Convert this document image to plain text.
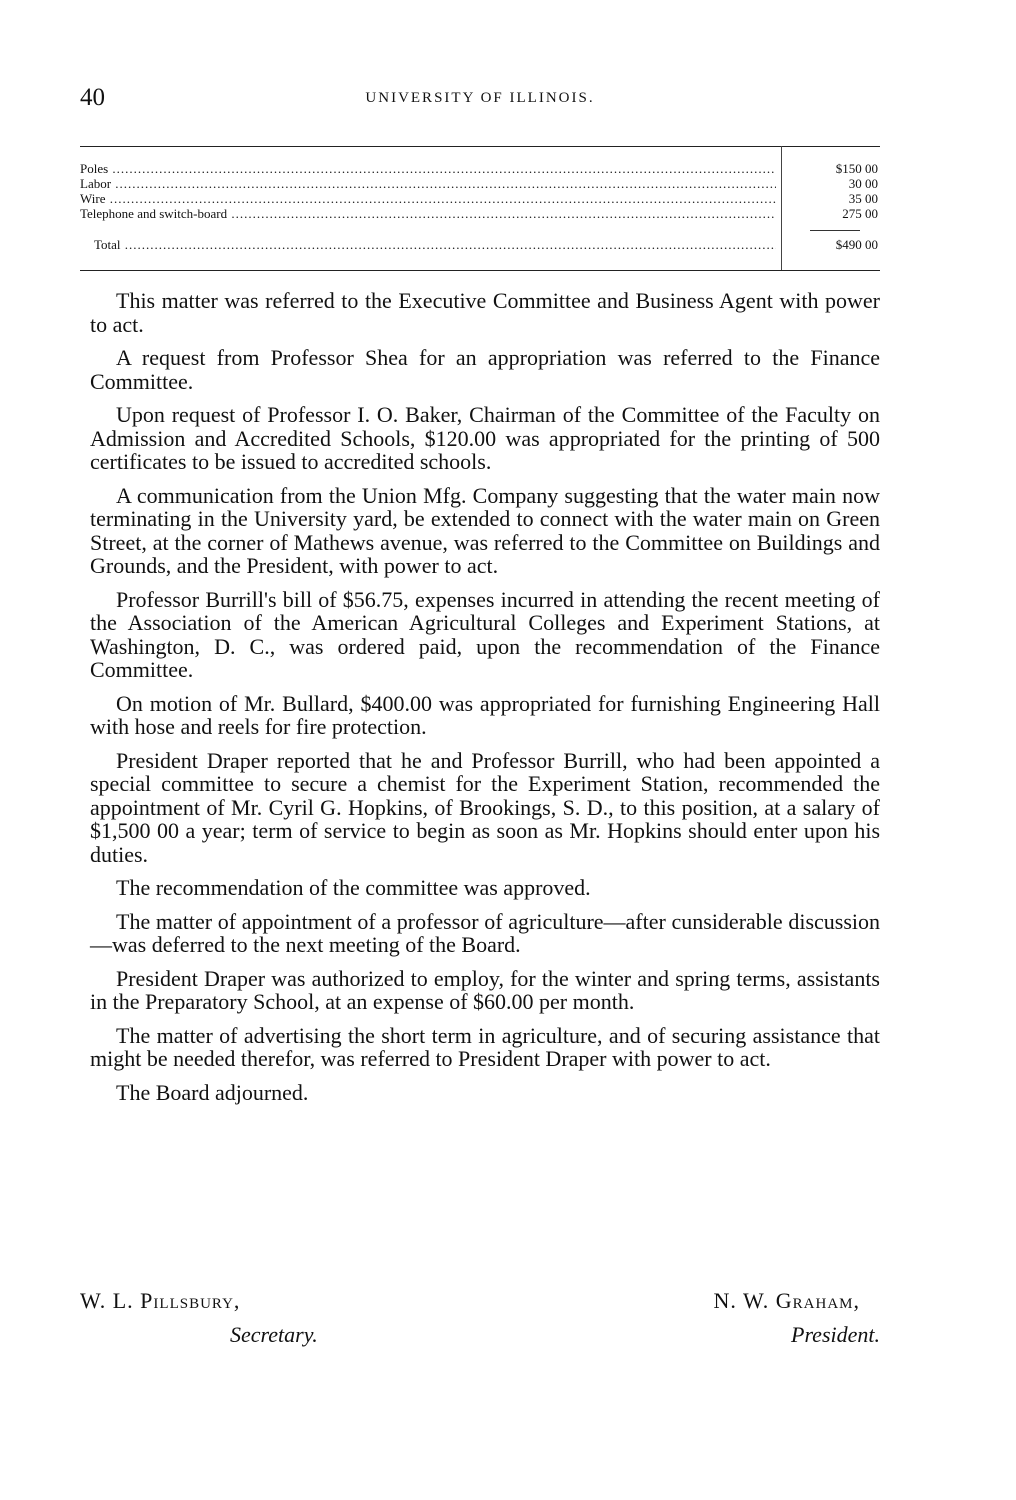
40	UNIVERSITY OF ILLINOIS.
Poles .....	$150 00
Labor .....	30 00
Wire .....	35 00
Telephone and switch-board .....	275 00
Total .....	$490 00

This matter was referred to the Executive Committee and Business Agent with power to act.

A request from Professor Shea for an appropriation was referred to the Finance Committee.

Upon request of Professor I. O. Baker, Chairman of the Committee of the Faculty on Admission and Accredited Schools, $120.00 was appropriated for the printing of 500 certificates to be issued to accredited schools.

A communication from the Union Mfg. Company suggesting that the water main now terminating in the University yard, be extended to connect with the water main on Green Street, at the corner of Mathews avenue, was referred to the Committee on Buildings and Grounds, and the President, with power to act.

Professor Burrill's bill of $56.75, expenses incurred in attending the recent meeting of the Association of the American Agricultural Colleges and Experiment Stations, at Washington, D. C., was ordered paid, upon the recommendation of the Finance Committee.

On motion of Mr. Bullard, $400.00 was appropriated for furnishing Engineering Hall with hose and reels for fire protection.

President Draper reported that he and Professor Burrill, who had been appointed a special committee to secure a chemist for the Experiment Station, recommended the appointment of Mr. Cyril G. Hopkins, of Brookings, S. D., to this position, at a salary of $1,500 00 a year; term of service to begin as soon as Mr. Hopkins should enter upon his duties.

The recommendation of the committee was approved.

The matter of appointment of a professor of agriculture—after cunsiderable discussion—was deferred to the next meeting of the Board.

President Draper was authorized to employ, for the winter and spring terms, assistants in the Preparatory School, at an expense of $60.00 per month.

The matter of advertising the short term in agriculture, and of securing assistance that might be needed therefor, was referred to President Draper with power to act.

The Board adjourned.

W. L. Pillsbury,
Secretary.
N. W. Graham,
President.
